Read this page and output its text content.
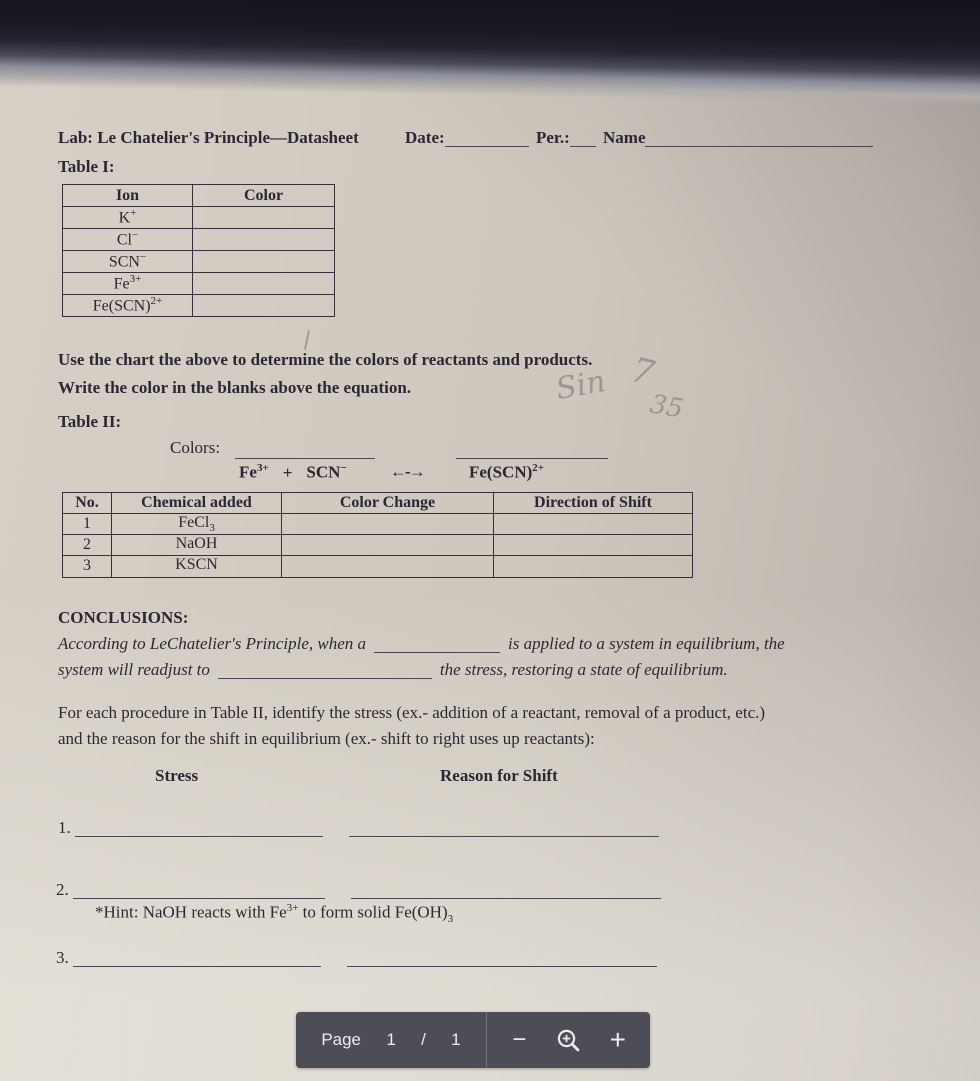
Lab: Le Chatelier's Principle—Datasheet	Date:	Per.:	Name
Table I:
Ion	Color
K+	
Cl−	
SCN−	
$Fe^{3+}$	
Fe(SCN)$^{2+}$	
Use the chart the above to determine the colors of reactants and products.
Write the color in the blanks above the equation.	Sin 7
35
Table II:
Colors:
$Fe^{3+} + SCN^-$	←-→	Fe(SCN)$^{2+}$
No.	Chemical added	Color Change	Direction of Shift
1	FeCl$_3$		
2	NaOH		
3	KSCN		
CONCLUSIONS:
According to LeChatelier's Principle, when a	is applied to a system in equilibrium, the
system will readjust to	the stress, restoring a state of equilibrium.
For each procedure in Table II, identify the stress (ex.- addition of a reactant, removal of a product, etc.)
and the reason for the shift in equilibrium (ex.- shift to right uses up reactants):
Stress	Reason for Shift
1.
2.
*Hint: NaOH reacts with $Fe^{3+}$ to form solid $Fe(OH)_3$
3.
Page 1 / 1	−	+
